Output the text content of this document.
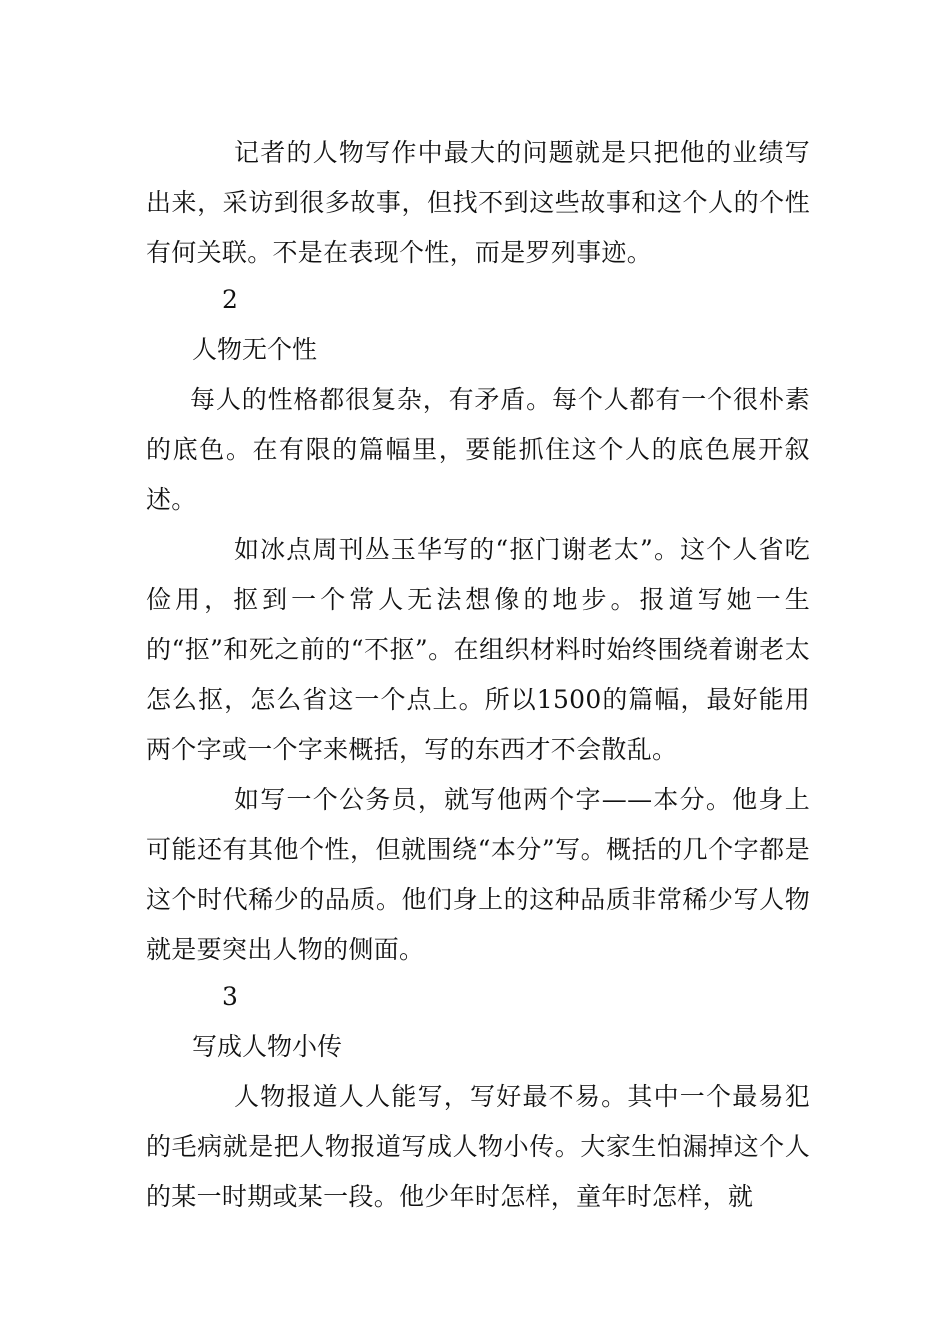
记者的人物写作中最大的问题就是只把他的业绩写出来，采访到很多故事，但找不到这些故事和这个人的个性有何关联。不是在表现个性，而是罗列事迹。

2

人物无个性

每人的性格都很复杂，有矛盾。每个人都有一个很朴素的底色。在有限的篇幅里，要能抓住这个人的底色展开叙述。

如冰点周刊丛玉华写的“抠门谢老太”。这个人省吃俭用，抠到一个常人无法想像的地步。报道写她一生的“抠”和死之前的“不抠”。在组织材料时始终围绕着谢老太怎么抠，怎么省这一个点上。所以1500的篇幅，最好能用两个字或一个字来概括，写的东西才不会散乱。

如写一个公务员，就写他两个字——本分。他身上可能还有其他个性，但就围绕“本分”写。概括的几个字都是这个时代稀少的品质。他们身上的这种品质非常稀少写人物就是要突出人物的侧面。

3

写成人物小传

人物报道人人能写，写好最不易。其中一个最易犯的毛病就是把人物报道写成人物小传。大家生怕漏掉这个人的某一时期或某一段。他少年时怎样，童年时怎样，就
